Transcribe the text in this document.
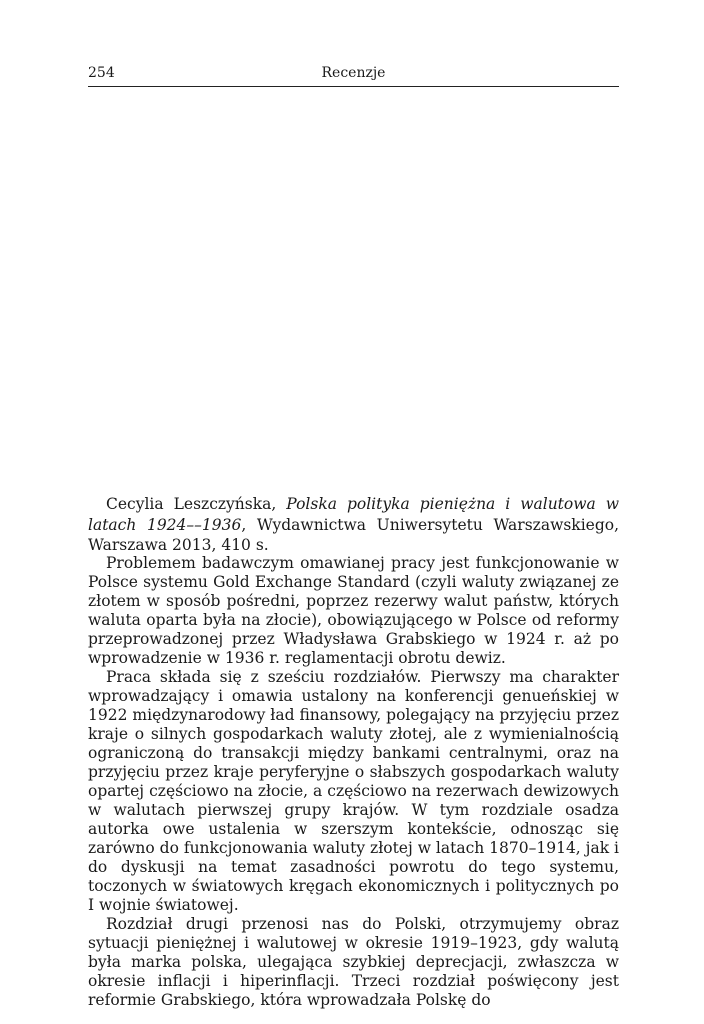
254	Recenzje

Cecylia Leszczyńska, Polska polityka pieniężna i walutowa w latach 1924––​1936, Wydawnictwa Uniwersytetu Warszawskiego, Warszawa 2013, 410 s.

Problemem badawczym omawianej pracy jest funkcjonowanie w Polsce systemu Gold Exchange Standard (czyli waluty związanej ze złotem w sposób pośredni, poprzez rezerwy walut państw, których waluta oparta była na złocie), obowiązującego w Polsce od reformy przeprowadzonej przez Władysława Grabskiego w 1924 r. aż po wprowadzenie w 1936 r. reglamentacji obrotu dewiz.

Praca składa się z sześciu rozdziałów. Pierwszy ma charakter wprowadzający i omawia ustalony na konferencji genueńskiej w 1922 międzynarodowy ład finansowy, polegający na przyjęciu przez kraje o silnych gospodarkach waluty złotej, ale z wymienialnością ograniczoną do transakcji między bankami centralnymi, oraz na przyjęciu przez kraje peryferyjne o słabszych gospodarkach waluty opartej częściowo na złocie, a częściowo na rezerwach dewizowych w walutach pierwszej grupy krajów. W tym rozdziale osadza autorka owe ustalenia w szerszym kontekście, odnosząc się zarówno do funkcjonowania waluty złotej w latach 1870–1914, jak i do dyskusji na temat zasadności powrotu do tego systemu, toczonych w światowych kręgach ekonomicznych i politycznych po I wojnie światowej.

Rozdział drugi przenosi nas do Polski, otrzymujemy obraz sytuacji pieniężnej i walutowej w okresie 1919–1923, gdy walutą była marka polska, ulegająca szybkiej deprecjacji, zwłaszcza w okresie inflacji i hiperinflacji. Trzeci rozdział poświęcony jest reformie Grabskiego, która wprowadzała Polskę do
